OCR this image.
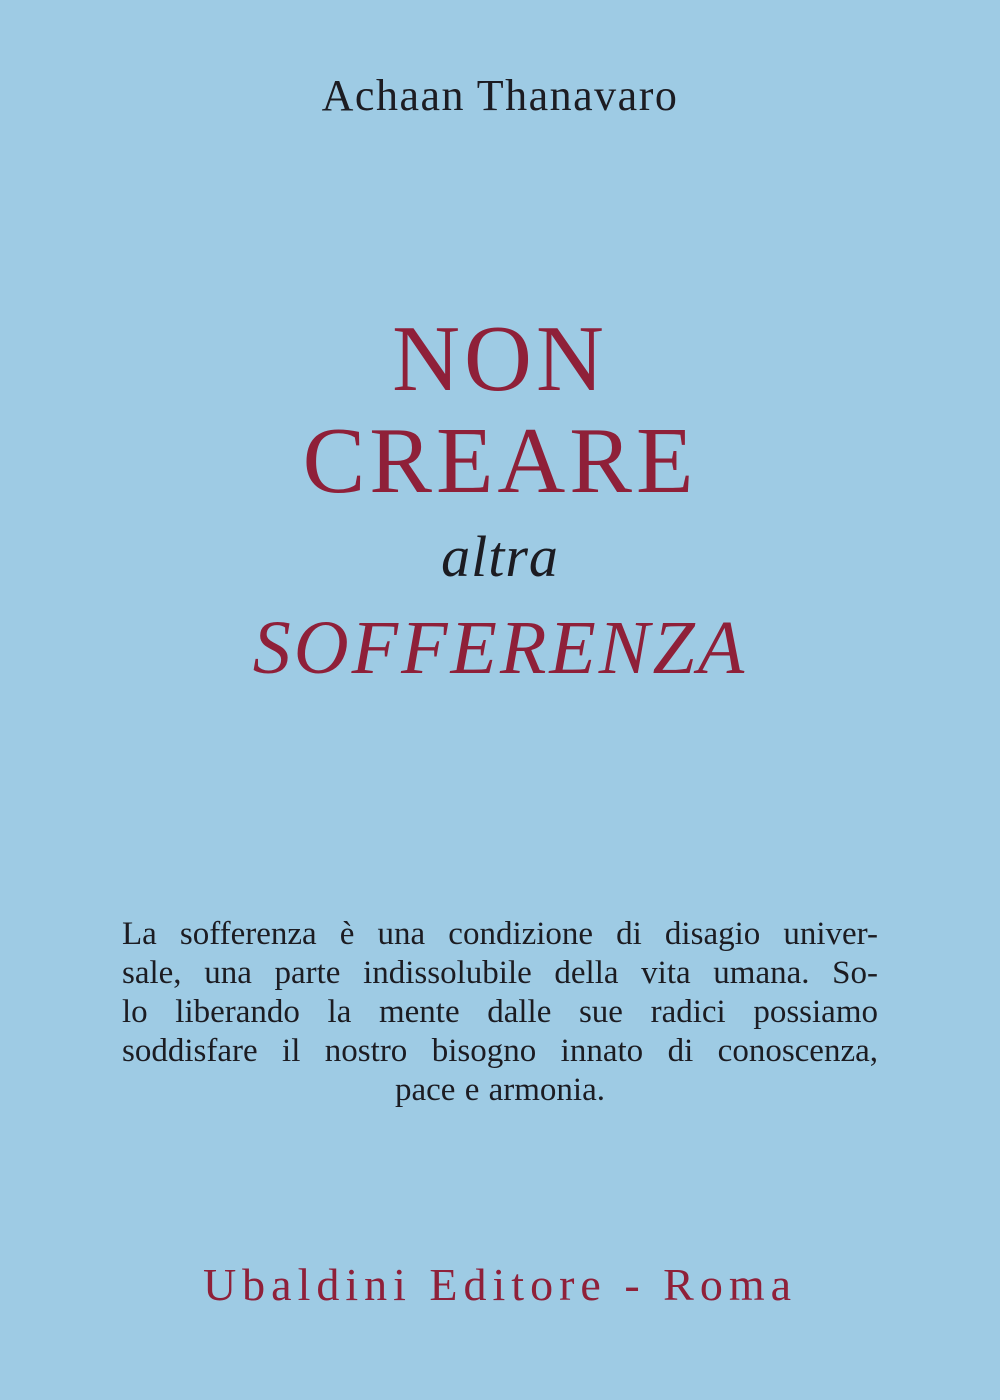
Achaan Thanavaro
NON
CREARE
altra
SOFFERENZA
La sofferenza è una condizione di disagio univer-
sale, una parte indissolubile della vita umana. So-
lo liberando la mente dalle sue radici possiamo
soddisfare il nostro bisogno innato di conoscenza,
pace e armonia.
Ubaldini Editore - Roma
